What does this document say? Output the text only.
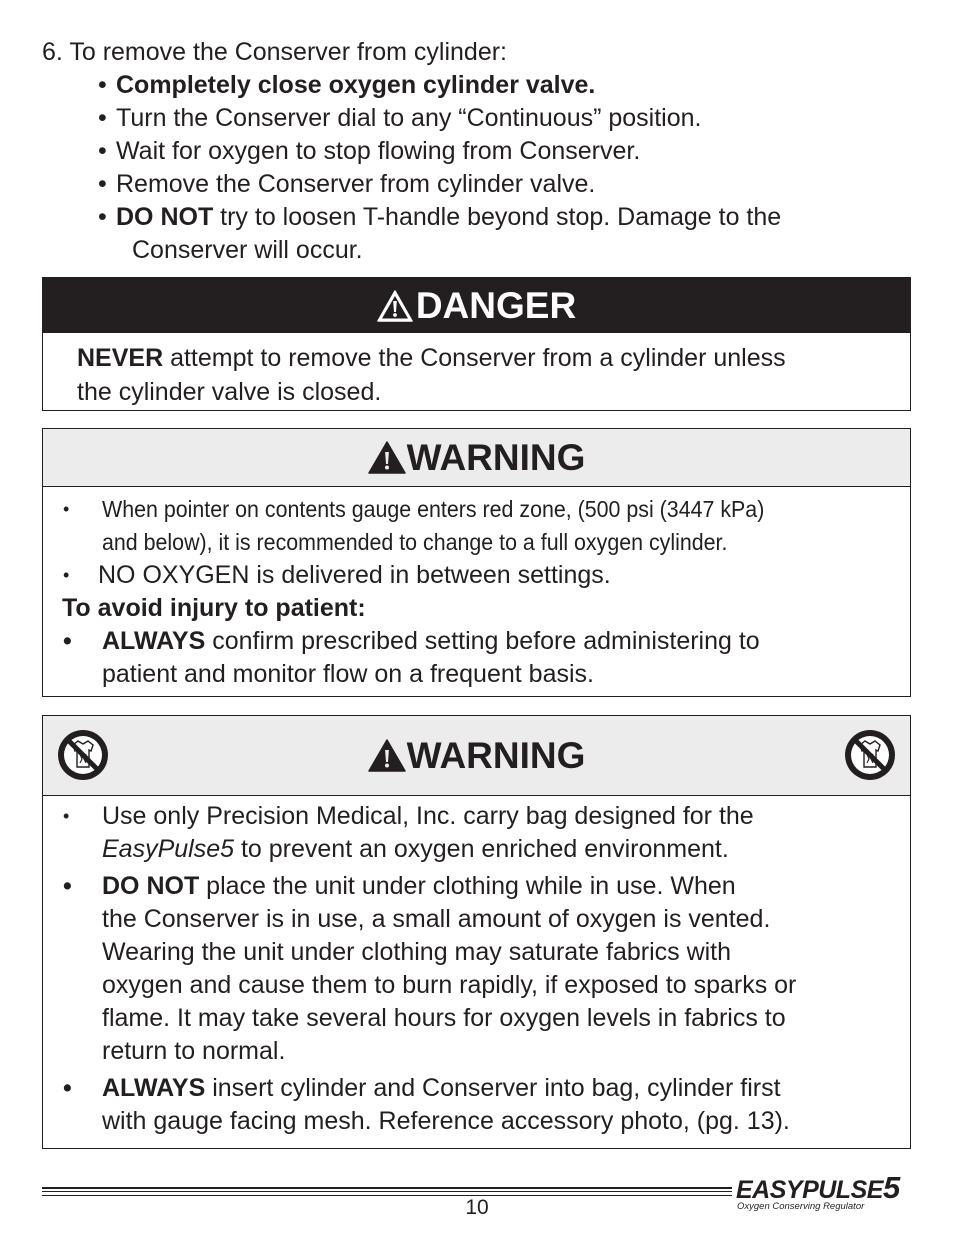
6. To remove the Conserver from cylinder:

• Completely close oxygen cylinder valve.
• Turn the Conserver dial to any “Continuous” position.
• Wait for oxygen to stop flowing from Conserver.
• Remove the Conserver from cylinder valve.
• DO NOT try to loosen T-handle beyond stop. Damage to the
Conserver will occur.
DANGER
NEVER attempt to remove the Conserver from a cylinder unless
the cylinder valve is closed.
WARNING
• When pointer on contents gauge enters red zone, (500 psi (3447 kPa)
and below), it is recommended to change to a full oxygen cylinder.
• NO OXYGEN is delivered in between settings.
To avoid injury to patient:
• ALWAYS confirm prescribed setting before administering to
patient and monitor flow on a frequent basis.
WARNING
• Use only Precision Medical, Inc. carry bag designed for the
EasyPulse5 to prevent an oxygen enriched environment.
• DO NOT place the unit under clothing while in use. When
the Conserver is in use, a small amount of oxygen is vented.
Wearing the unit under clothing may saturate fabrics with
oxygen and cause them to burn rapidly, if exposed to sparks or
flame. It may take several hours for oxygen levels in fabrics to
return to normal.
• ALWAYS insert cylinder and Conserver into bag, cylinder first
with gauge facing mesh. Reference accessory photo, (pg. 13).
10
EASYPULSE5
Oxygen Conserving Regulator
